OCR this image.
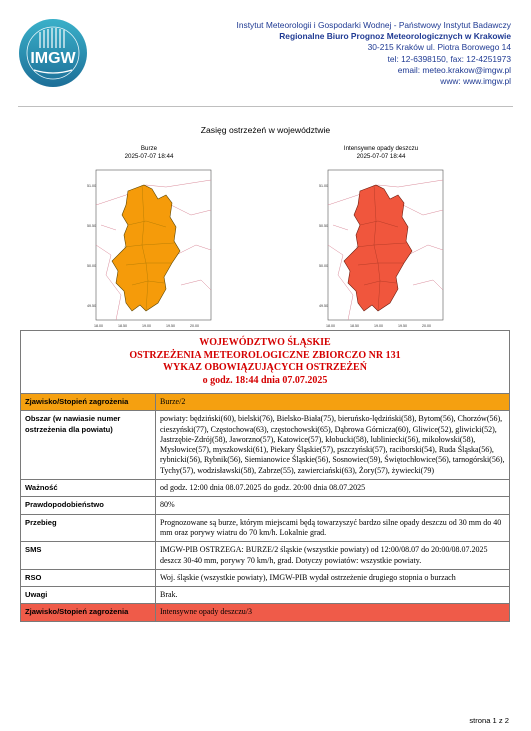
IMGW
Instytut Meteorologii i Gospodarki Wodnej - Państwowy Instytut Badawczy
Regionalne Biuro Prognoz Meteorologicznych w Krakowie
30-215 Kraków ul. Piotra Borowego 14
tel: 12-6398150, fax: 12-4251973
email: meteo.krakow@imgw.pl
www: www.imgw.pl
Zasięg ostrzeżeń w województwie
Burze
2025-07-07 18:44
51.00
50.50
50.00
49.50
18.00	18.50	19.00	19.50	20.00
Intensywne opady deszczu
2025-07-07 18:44
51.00
50.50
50.00
49.50
18.00	18.50	19.00	19.50	20.00
WOJEWÓDZTWO ŚLĄSKIE
OSTRZEŻENIA METEOROLOGICZNE ZBIORCZO NR 131
WYKAZ OBOWIĄZUJĄCYCH OSTRZEŻEŃ
o godz. 18:44 dnia 07.07.2025	

Zjawisko/Stopień zagrożenia	Burze/2
Obszar (w nawiasie numer ostrzeżenia dla powiatu)	powiaty: będziński(60), bielski(76), Bielsko-Biała(75), bieruńsko-lędziński(58), Bytom(56), Chorzów(56), cieszyński(77), Częstochowa(63), częstochowski(65), Dąbrowa Górnicza(60), Gliwice(52), gliwicki(52), Jastrzębie-Zdrój(58), Jaworzno(57), Katowice(57), kłobucki(58), lubliniecki(56), mikołowski(58), Mysłowice(57), myszkowski(61), Piekary Śląskie(57), pszczyński(57), raciborski(54), Ruda Śląska(56), rybnicki(56), Rybnik(56), Siemianowice Śląskie(56), Sosnowiec(59), Świętochłowice(56), tarnogórski(56), Tychy(57), wodzisławski(58), Zabrze(55), zawierciański(63), Żory(57), żywiecki(79)
Ważność	od godz. 12:00 dnia 08.07.2025 do godz. 20:00 dnia 08.07.2025
Prawdopodobieństwo	80%
Przebieg	Prognozowane są burze, którym miejscami będą towarzyszyć bardzo silne opady deszczu od 30 mm do 40 mm oraz porywy wiatru do 70 km/h. Lokalnie grad.
SMS	IMGW-PIB OSTRZEGA: BURZE/2 śląskie (wszystkie powiaty) od 12:00/08.07 do 20:00/08.07.2025 deszcz 30-40 mm, porywy 70 km/h, grad. Dotyczy powiatów: wszystkie powiaty.
RSO	Woj. śląskie (wszystkie powiaty), IMGW-PIB wydał ostrzeżenie drugiego stopnia o burzach
Uwagi	Brak.
Zjawisko/Stopień zagrożenia	Intensywne opady deszczu/3
strona 1 z 2
